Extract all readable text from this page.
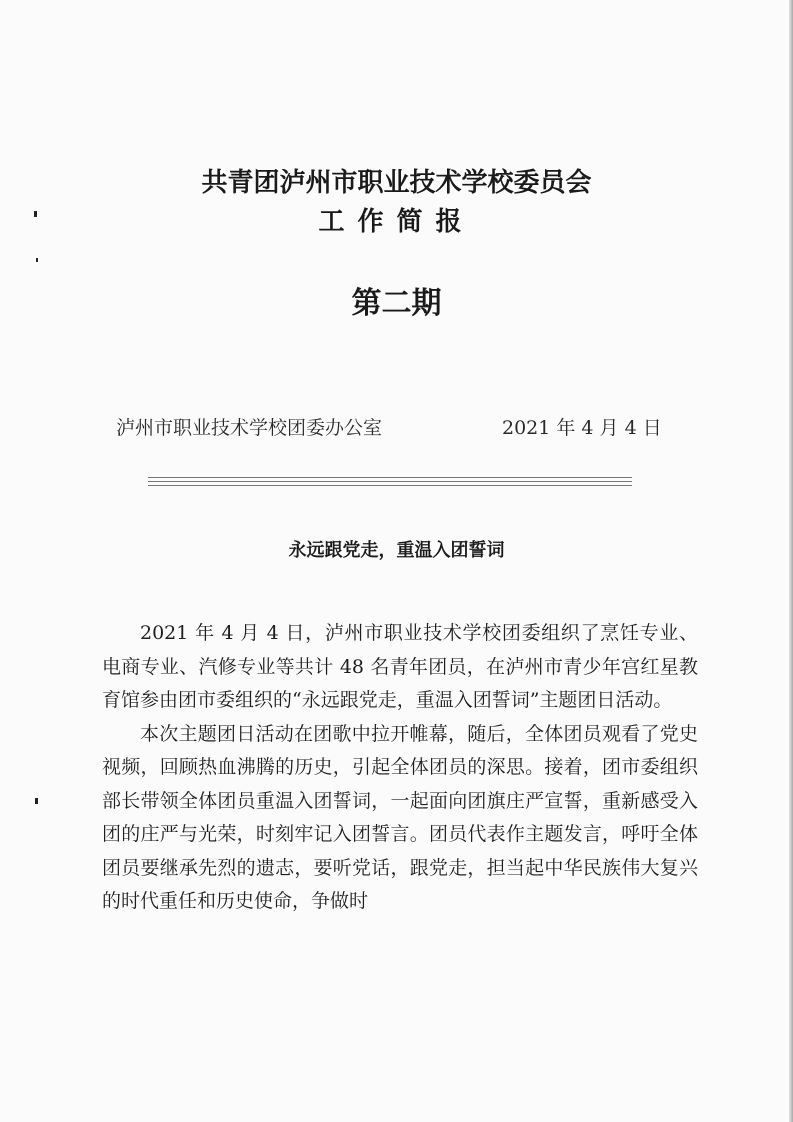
共青团泸州市职业技术学校委员会
工作简报
第二期
泸州市职业技术学校团委办公室	2021 年 4 月 4 日
永远跟党走，重温入团誓词

2021 年 4 月 4 日，泸州市职业技术学校团委组织了烹饪专业、电商专业、汽修专业等共计 48 名青年团员，在泸州市青少年宫红星教育馆参由团市委组织的“永远跟党走，重温入团誓词”主题团日活动。

本次主题团日活动在团歌中拉开帷幕，随后，全体团员观看了党史视频，回顾热血沸腾的历史，引起全体团员的深思。接着，团市委组织部长带领全体团员重温入团誓词，一起面向团旗庄严宣誓，重新感受入团的庄严与光荣，时刻牢记入团誓言。团员代表作主题发言，呼吁全体团员要继承先烈的遗志，要听党话，跟党走，担当起中华民族伟大复兴的时代重任和历史使命，争做时
